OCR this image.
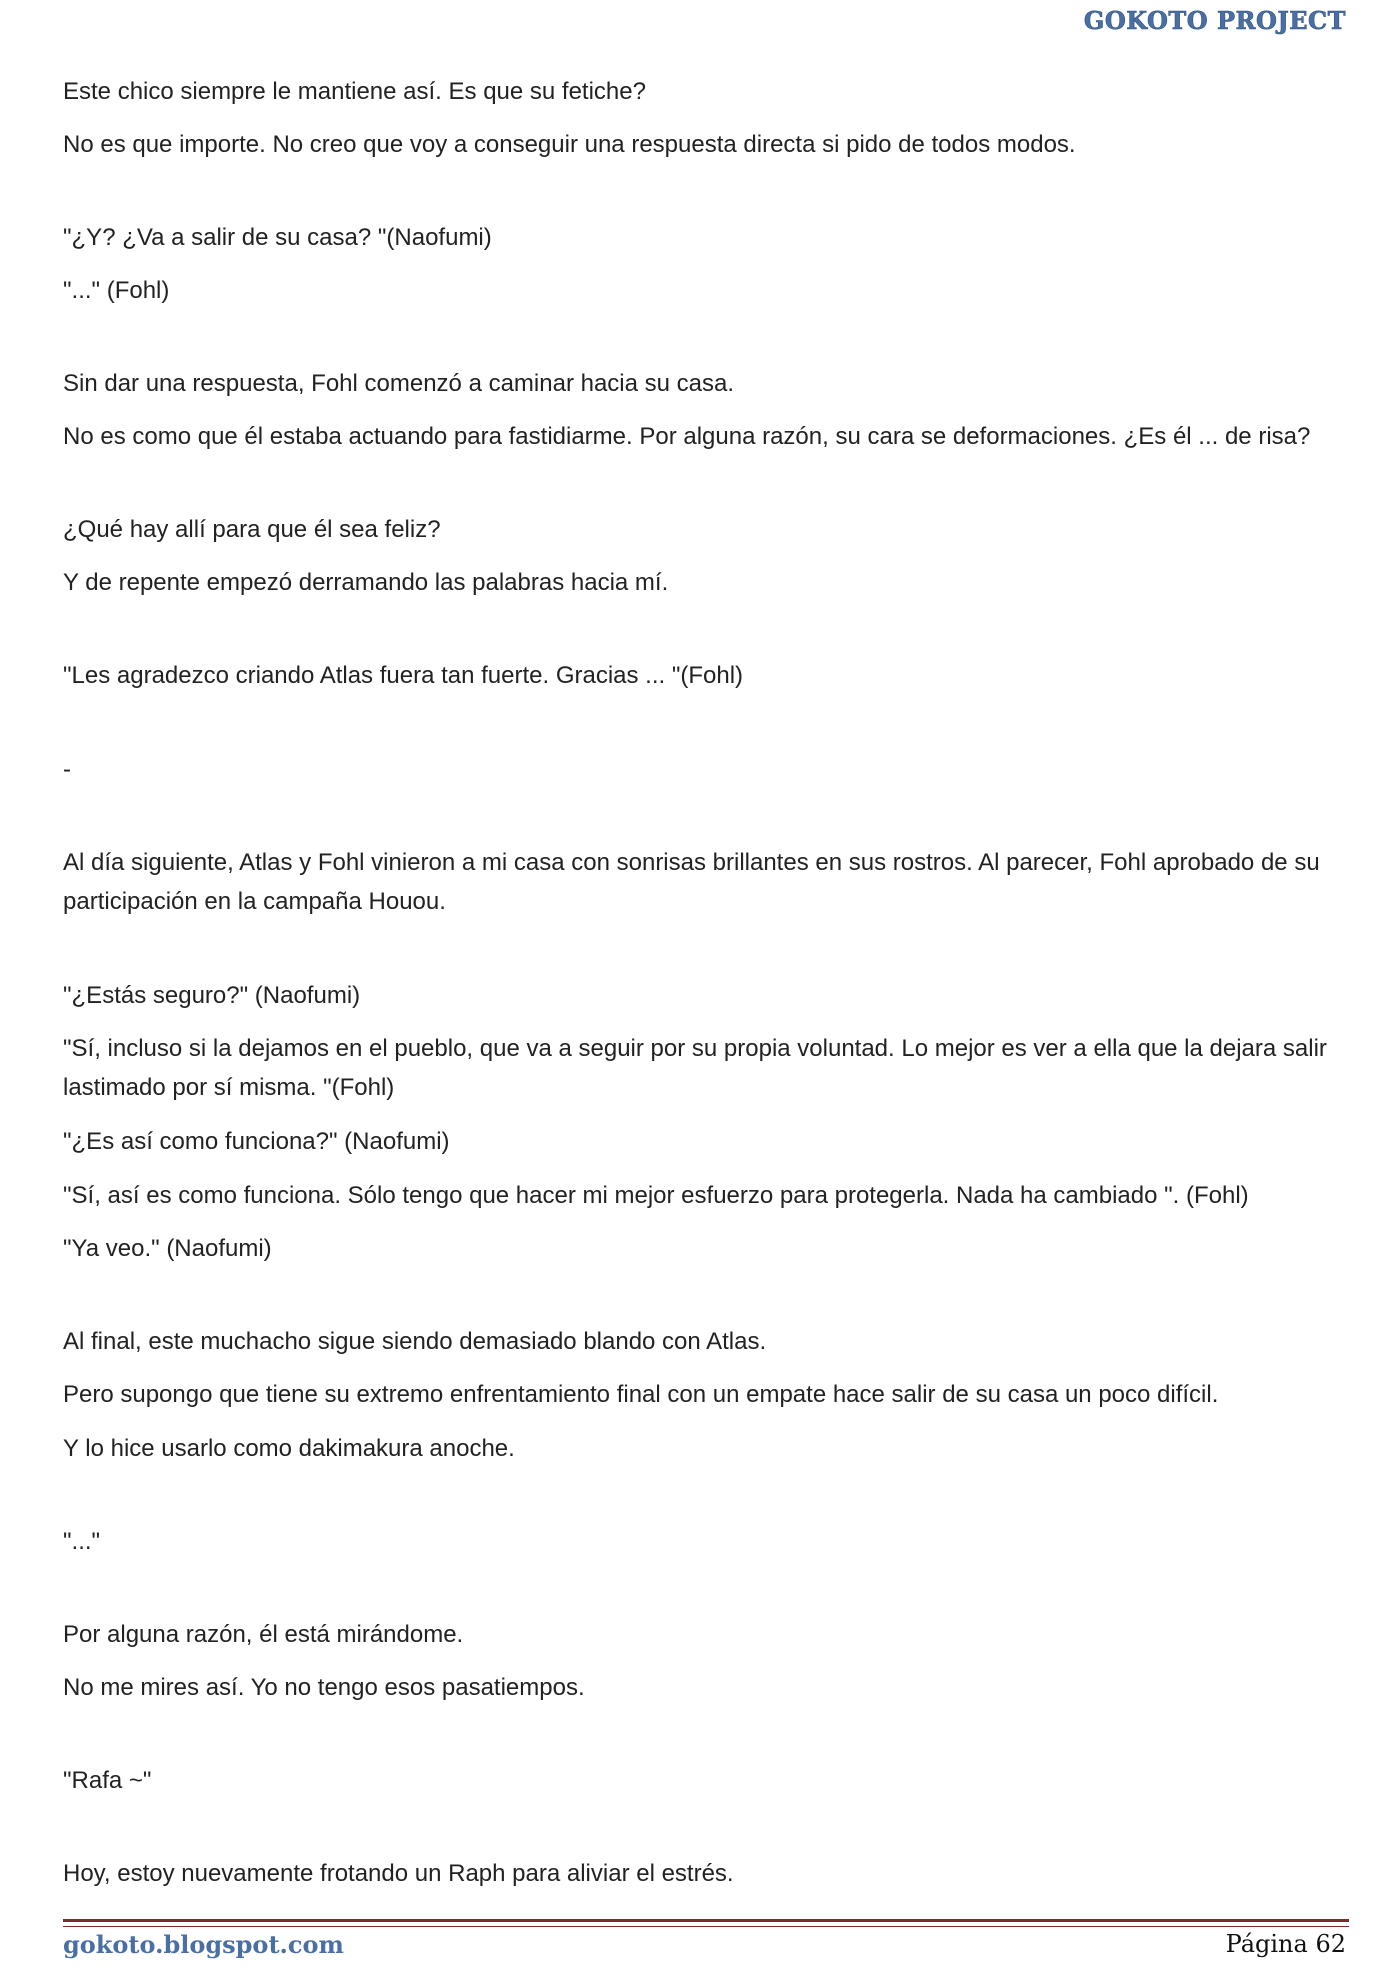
GOKOTO PROJECT

Este chico siempre le mantiene así. Es que su fetiche?

No es que importe. No creo que voy a conseguir una respuesta directa si pido de todos modos.

"¿Y? ¿Va a salir de su casa? "(Naofumi)

"..." (Fohl)

Sin dar una respuesta, Fohl comenzó a caminar hacia su casa.

No es como que él estaba actuando para fastidiarme. Por alguna razón, su cara se deformaciones. ¿Es él ... de risa?

¿Qué hay allí para que él sea feliz?

Y de repente empezó derramando las palabras hacia mí.

"Les agradezco criando Atlas fuera tan fuerte. Gracias ... "(Fohl)

-

Al día siguiente, Atlas y Fohl vinieron a mi casa con sonrisas brillantes en sus rostros. Al parecer, Fohl aprobado de su participación en la campaña Houou.

"¿Estás seguro?" (Naofumi)

"Sí, incluso si la dejamos en el pueblo, que va a seguir por su propia voluntad. Lo mejor es ver a ella que la dejara salir lastimado por sí misma. "(Fohl)

"¿Es así como funciona?" (Naofumi)

"Sí, así es como funciona. Sólo tengo que hacer mi mejor esfuerzo para protegerla. Nada ha cambiado ". (Fohl)

"Ya veo." (Naofumi)

Al final, este muchacho sigue siendo demasiado blando con Atlas.

Pero supongo que tiene su extremo enfrentamiento final con un empate hace salir de su casa un poco difícil.

Y lo hice usarlo como dakimakura anoche.

"..."

Por alguna razón, él está mirándome.

No me mires así. Yo no tengo esos pasatiempos.

"Rafa ~"

Hoy, estoy nuevamente frotando un Raph para aliviar el estrés.

gokoto.blogspot.com	Página 62
